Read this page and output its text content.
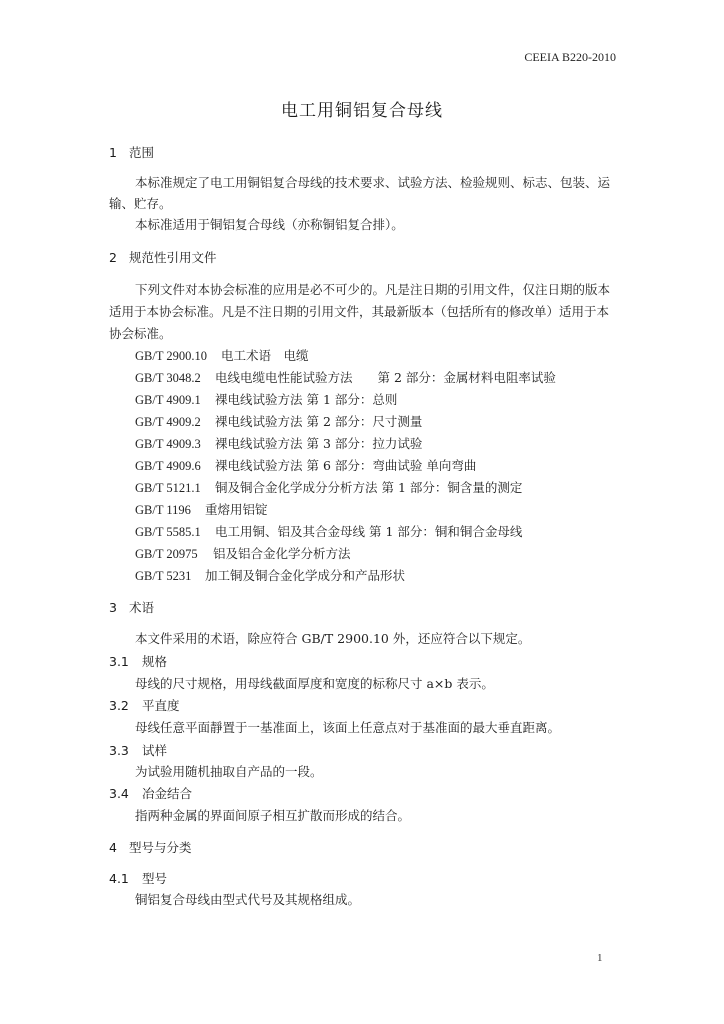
CEEIA B220-2010
电工用铜铝复合母线
1 范围
本标准规定了电工用铜铝复合母线的技术要求、试验方法、检验规则、标志、包装、运
输、贮存。
本标准适用于铜铝复合母线（亦称铜铝复合排）。
2 规范性引用文件
下列文件对本协会标准的应用是必不可少的。凡是注日期的引用文件，仅注日期的版本
适用于本协会标准。凡是不注日期的引用文件，其最新版本（包括所有的修改单）适用于本
协会标准。
GB/T 2900.10 电工术语　电缆
GB/T 3048.2 电线电缆电性能试验方法　　第 2 部分：金属材料电阻率试验
GB/T 4909.1 裸电线试验方法 第 1 部分：总则
GB/T 4909.2 裸电线试验方法 第 2 部分：尺寸测量
GB/T 4909.3 裸电线试验方法 第 3 部分：拉力试验
GB/T 4909.6 裸电线试验方法 第 6 部分：弯曲试验 单向弯曲
GB/T 5121.1 铜及铜合金化学成分分析方法 第 1 部分：铜含量的测定
GB/T 1196 重熔用铝锭
GB/T 5585.1 电工用铜、铝及其合金母线 第 1 部分：铜和铜合金母线
GB/T 20975 铝及铝合金化学分析方法
GB/T 5231 加工铜及铜合金化学成分和产品形状
3 术语
本文件采用的术语，除应符合 GB/T 2900.10 外，还应符合以下规定。
3.1 规格
母线的尺寸规格，用母线截面厚度和宽度的标称尺寸 a×b 表示。
3.2 平直度
母线任意平面靜置于一基准面上，该面上任意点对于基准面的最大垂直距离。
3.3 试样
为试验用随机抽取自产品的一段。
3.4 冶金结合
指两种金属的界面间原子相互扩散而形成的结合。
4 型号与分类
4.1 型号
铜铝复合母线由型式代号及其规格组成。
1
